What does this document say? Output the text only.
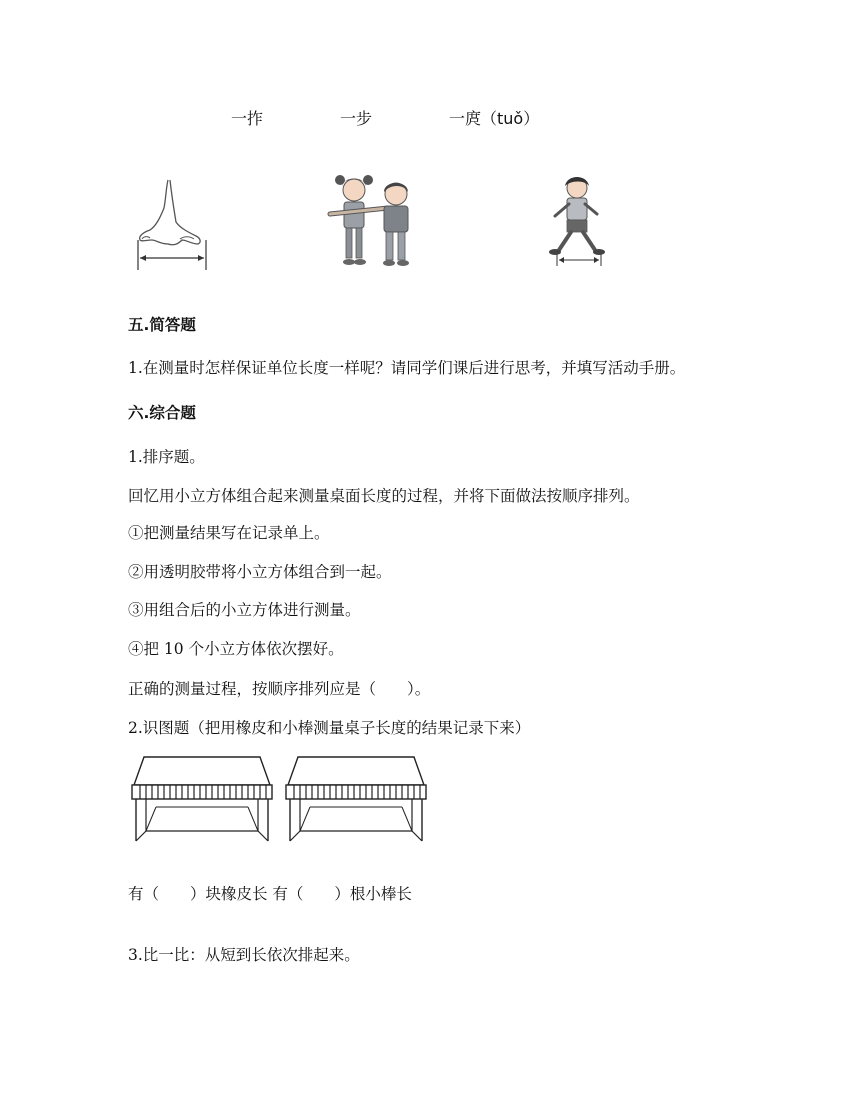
一拃	一步	一庹（tuǒ）
五.简答题
1.在测量时怎样保证单位长度一样呢？请同学们课后进行思考，并填写活动手册。
六.综合题
1.排序题。
回忆用小立方体组合起来测量桌面长度的过程，并将下面做法按顺序排列。
①把测量结果写在记录单上。
②用透明胶带将小立方体组合到一起。
③用组合后的小立方体进行测量。
④把 10 个小立方体依次摆好。
正确的测量过程，按顺序排列应是（　　）。
2.识图题（把用橡皮和小棒测量桌子长度的结果记录下来）
有（　　）块橡皮长 有（　　）根小棒长
3.比一比：从短到长依次排起来。
